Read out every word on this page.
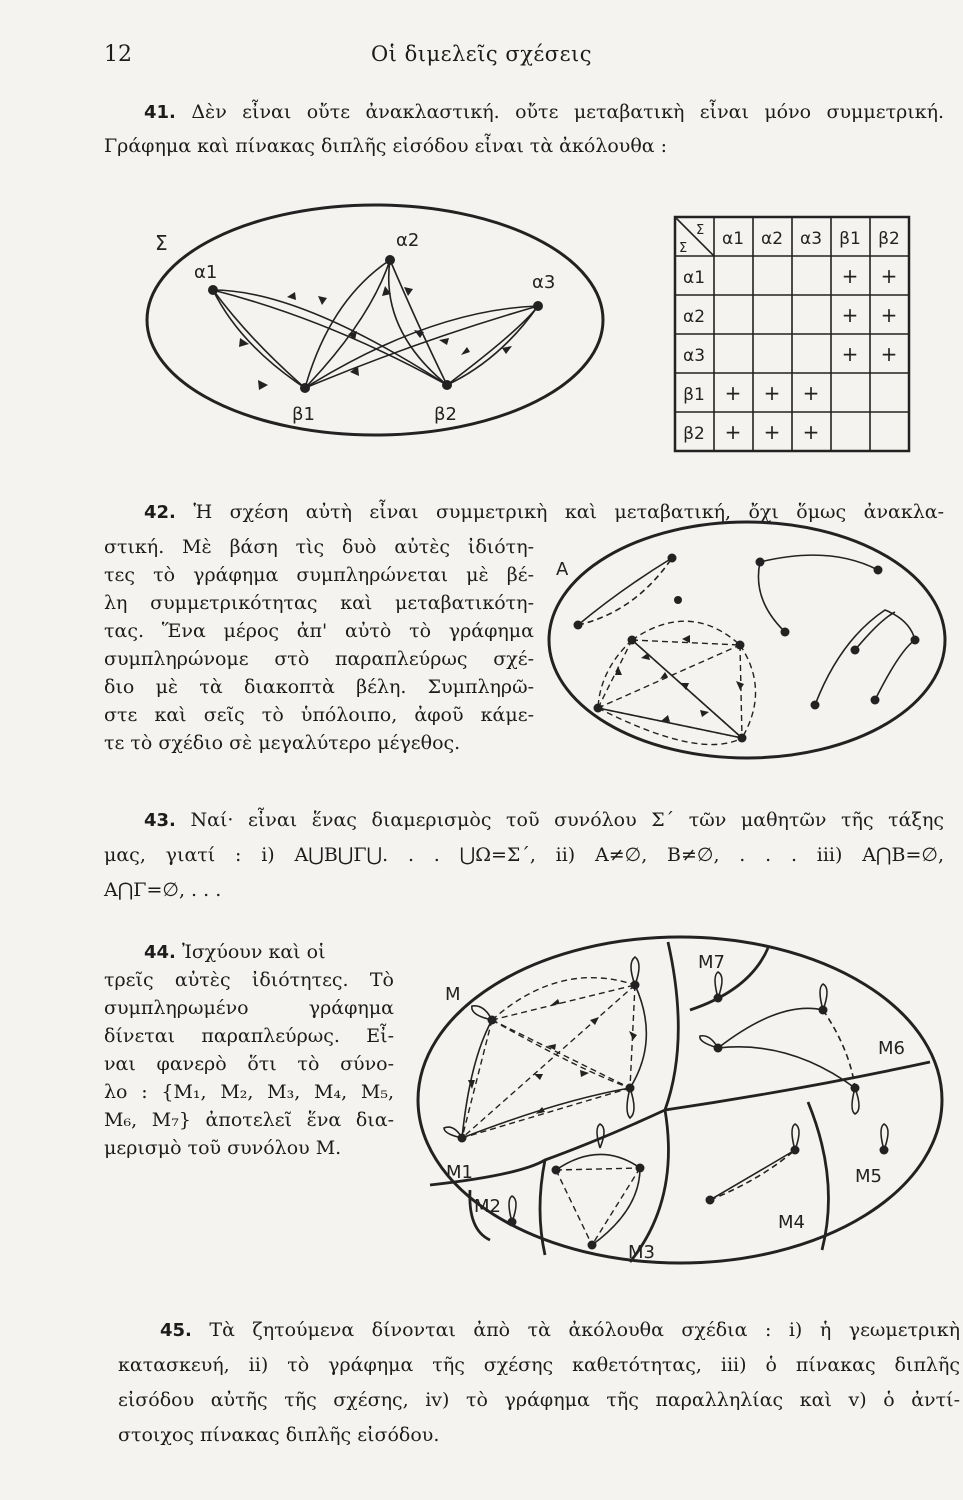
12	Οἱ διμελεῖς σχέσεις
41. Δὲν εἶναι οὔτε ἀνακλαστική. οὔτε μεταβατικὴ εἶναι μόνο συμμετρική.
Γράφημα καὶ πίνακας διπλῆς εἰσόδου εἶναι τὰ ἀκόλουθα :
Σ
α1
α2
α3
β1	β2
Σ
Σ α1 α2 α3 β1 β2
α1
α2
α3
β1
β2
+ +
+ +
+ +
+ + +
+ + +
42. Ἡ σχέση αὐτὴ εἶναι συμμετρικὴ καὶ μεταβατική, ὄχι ὅμως ἀνακλα-
στική. Μὲ βάση τὶς δυὸ αὐτὲς ἰδιότη-
τες τὸ γράφημα συμπληρώνεται μὲ βέ-
λη συμμετρικότητας καὶ μεταβατικότη-
τας. Ἕνα μέρος ἀπ' αὐτὸ τὸ γράφημα
συμπληρώνομε στὸ παραπλεύρως σχέ-
διο μὲ τὰ διακοπτὰ βέλη. Συμπληρῶ-
στε καὶ σεῖς τὸ ὑπόλοιπο, ἀφοῦ κάμε-
τε τὸ σχέδιο σὲ μεγαλύτερο μέγεθος.
A
43. Ναί· εἶναι ἕνας διαμερισμὸς τοῦ συνόλου Σ΄ τῶν μαθητῶν τῆς τάξης
μας, γιατί : i) A⋃B⋃Γ⋃. . . ⋃Ω=Σ΄, ii) A≠∅, B≠∅, . . . iii) A⋂B=∅,
A⋂Γ=∅, . . .
44. Ἰσχύουν καὶ οἱ
τρεῖς αὐτὲς ἰδιότητες. Τὸ
συμπληρωμένο γράφημα
δίνεται παραπλεύρως. Εἶ-
ναι φανερὸ ὅτι τὸ σύνο-
λο : {M₁, M₂, M₃, M₄, M₅,
M₆, M₇} ἀποτελεῖ ἕνα δια-
μερισμὸ τοῦ συνόλου M.
M
M1
M2
M3
M4
M5
M6
M7
45. Τὰ ζητούμενα δίνονται ἀπὸ τὰ ἀκόλουθα σχέδια : i) ἡ γεωμετρικὴ
κατασκευή, ii) τὸ γράφημα τῆς σχέσης καθετότητας, iii) ὁ πίνακας διπλῆς
εἰσόδου αὐτῆς τῆς σχέσης, iv) τὸ γράφημα τῆς παραλληλίας καὶ v) ὁ ἀντί-
στοιχος πίνακας διπλῆς εἰσόδου.
